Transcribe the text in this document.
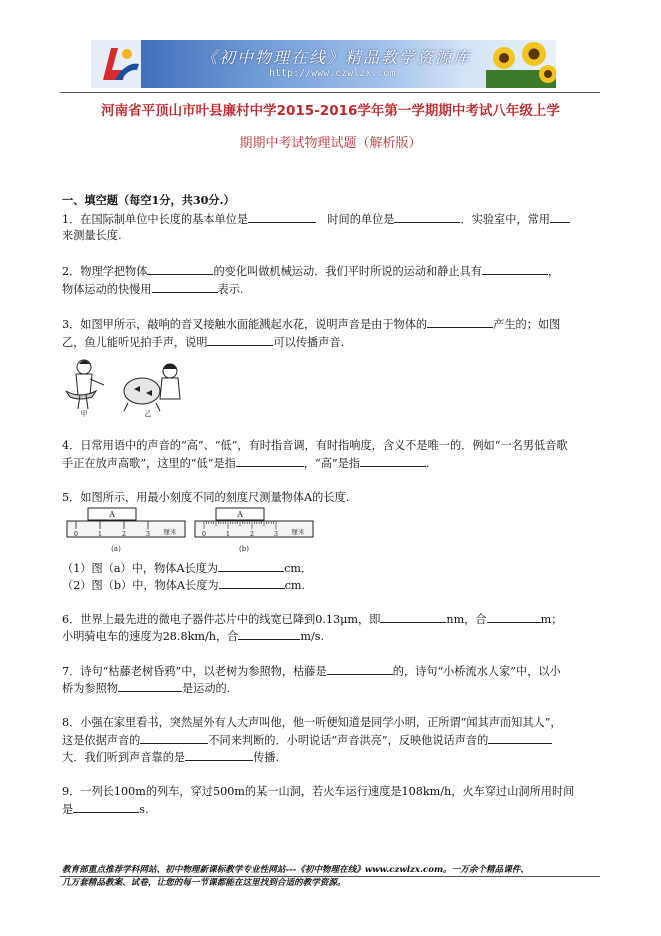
《初中物理在线》精品教学资源库
http://www.czwlzx.com
河南省平顶山市叶县廉村中学2015-2016学年第一学期期中考试八年级上学
期期中考试物理试题（解析版）
一、填空题（每空1分，共30分.）
1．在国际制单位中长度的基本单位是　	时间的单位是	．实验室中，常用
来测量长度.
2．物理学把物体	的变化叫做机械运动．我们平时所说的运动和静止具有	，
物体运动的快慢用	表示.
3．如图甲所示，敲响的音叉接触水面能溅起水花，说明声音是由于物体的	产生的；如图
乙，鱼儿能听见拍手声，说明	可以传播声音.
甲	乙
4．日常用语中的声音的“高”、“低”，有时指音调，有时指响度，含义不是唯一的．例如“一名男低音歌
手正在放声高歌”，这里的“低”是指	，“高”是指	.
5．如图所示，用最小刻度不同的刻度尺测量物体A的长度.
A
0	1	2	3 厘米
(a)
A
0	1	2	3 厘米
(b)
（1）图（a）中，物体A长度为	cm．
（2）图（b）中，物体A长度为	cm.
6．世界上最先进的微电子器件芯片中的线宽已降到0.13μm，即	nm，合	m；
小明骑电车的速度为28.8km/h，合	m/s.
7．诗句“枯藤老树昏鸦”中，以老树为参照物，枯藤是	的，诗句“小桥流水人家”中，以小
桥为参照物	是运动的.
8．小强在家里看书，突然屋外有人大声叫他，他一听便知道是同学小明，正所谓“闻其声而知其人”，
这是依据声音的	不同来判断的．小明说话“声音洪亮”，反映他说话声音的
大．我们听到声音靠的是	传播.
9．一列长100m的列车，穿过500m的某一山洞，若火车运行速度是108km/h，火车穿过山洞所用时间
是	s.
教育部重点推荐学科网站、初中物理新课标教学专业性网站---《初中物理在线》www.czwlzx.com。一万余个精品课件、
几万套精品教案、试卷，让您的每一节课都能在这里找到合适的教学资源。
